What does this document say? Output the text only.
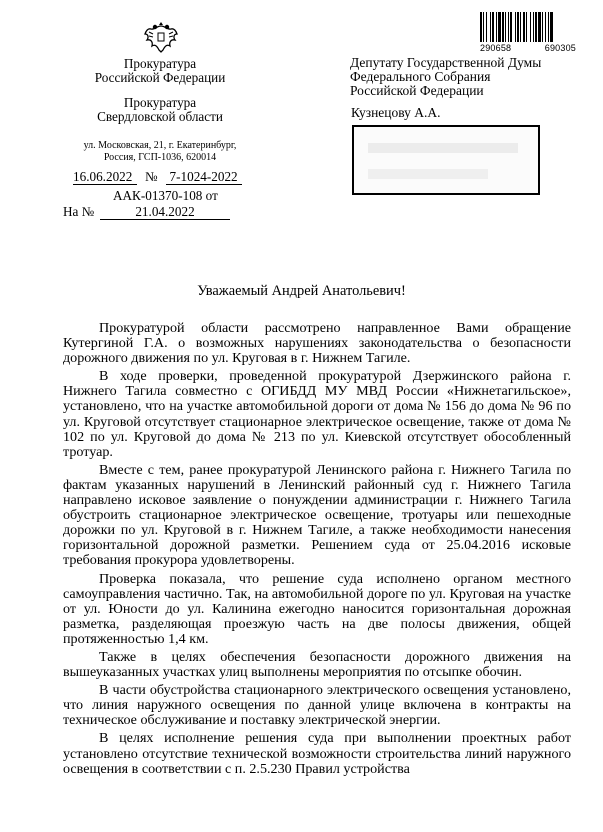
290658	690305
Прокуратура
Российской Федерации
Прокуратура
Свердловской области
ул. Московская, 21, г. Екатеринбург,
Россия, ГСП-1036, 620014
16.06.2022 № 7-1024-2022
ААК-01370-108 от
На №	21.04.2022
Депутату Государственной Думы
Федерального Собрания
Российской Федерации
Кузнецову А.А.
Уважаемый Андрей Анатольевич!

Прокуратурой области рассмотрено направленное Вами обращение Кутергиной Г.А. о возможных нарушениях законодательства о безопасности дорожного движения по ул. Круговая в г. Нижнем Тагиле.

В ходе проверки, проведенной прокуратурой Дзержинского района г. Нижнего Тагила совместно с ОГИБДД МУ МВД России «Нижнетагильское», установлено, что на участке автомобильной дороги от дома № 156 до дома № 96 по ул. Круговой отсутствует стационарное электрическое освещение, также от дома № 102 по ул. Круговой до дома № 213 по ул. Киевской отсутствует обособленный тротуар.

Вместе с тем, ранее прокуратурой Ленинского района г. Нижнего Тагила по фактам указанных нарушений в Ленинский районный суд г. Нижнего Тагила направлено исковое заявление о понуждении администрации г. Нижнего Тагила обустроить стационарное электрическое освещение, тротуары или пешеходные дорожки по ул. Круговой в г. Нижнем Тагиле, а также необходимости нанесения горизонтальной дорожной разметки. Решением суда от 25.04.2016 исковые требования прокурора удовлетворены.

Проверка показала, что решение суда исполнено органом местного самоуправления частично. Так, на автомобильной дороге по ул. Круговая на участке от ул. Юности до ул. Калинина ежегодно наносится горизонтальная дорожная разметка, разделяющая проезжую часть на две полосы движения, общей протяженностью 1,4 км.

Также в целях обеспечения безопасности дорожного движения на вышеуказанных участках улиц выполнены мероприятия по отсыпке обочин.

В части обустройства стационарного электрического освещения установлено, что линия наружного освещения по данной улице включена в контракты на техническое обслуживание и поставку электрической энергии.

В целях исполнение решения суда при выполнении проектных работ установлено отсутствие технической возможности строительства линий наружного освещения в соответствии с п. 2.5.230 Правил устройства
